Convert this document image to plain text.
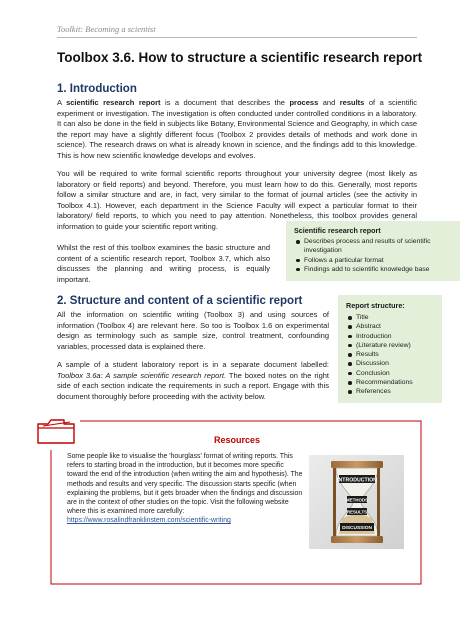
Toolkit: Becoming a scientist
Toolbox 3.6. How to structure a scientific research report
1. Introduction

A scientific research report is a document that describes the process and results of a scientific experiment or investigation. The investigation is often conducted under controlled conditions in a laboratory. It can also be done in the field in subjects like Botany, Environmental Science and Geography, in which case the report may have a slightly different focus (Toolbox 2 provides details of methods and work done in science). The research draws on what is already known in science, and the findings add to this knowledge. This is how new scientific knowledge develops and evolves.

You will be required to write formal scientific reports throughout your university degree (most likely as laboratory or field reports) and beyond. Therefore, you must learn how to do this. Generally, most reports follow a similar structure and are, in fact, very similar to the format of journal articles (see the activity in Toolbox 4.1). However, each department in the Science Faculty will expect a particular format to their laboratory/ field reports, to which you need to pay attention. Nonetheless, this toolbox provides general information to guide your scientific report writing.

Whilst the rest of this toolbox examines the basic structure and content of a scientific research report, Toolbox 3.7, which also discusses the planning and writing process, is equally important.

Scientific research report
Describes process and results of scientific investigation
Follows a particular format
Findings add to scientific knowledge base
2. Structure and content of a scientific report

All the information on scientific writing (Toolbox 3) and using sources of information (Toolbox 4) are relevant here. So too is Toolbox 1.6 on experimental design as terminology such as sample size, control treatment, confounding variables, processed data is explained there.

A sample of a student laboratory report is in a separate document labelled: Toolbox 3.6a: A sample scientific research report. The boxed notes on the right side of each section indicate the requirements in such a report. Engage with this document thoroughly before proceeding with the activity below.

Report structure:
Title
Abstract
Introduction
(Literature review)
Results
Discussion
Conclusion
Recommendations
References
Resources

Some people like to visualise the 'hourglass' format of writing reports. This refers to starting broad in the introduction, but it becomes more specific toward the end of the introduction (when writing the aim and hypothesis). The methods and results and very specific. The discussion starts specific (when explaining the problems, but it gets broader when the findings and discussion are in the context of other studies on the topic. Visit the following website where this is examined more carefully: https://www.rosalindfranklinstem.com/scientific-writing

INTRODUCTION
METHODS
RESULTS
DISCUSSION
